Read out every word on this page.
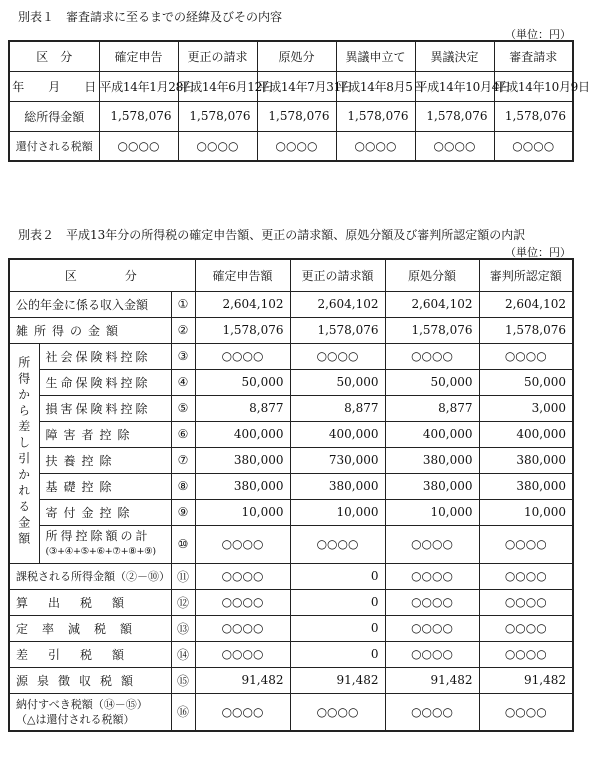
別表１　審査請求に至るまでの経緯及びその内容
（単位：円）
区　分	確定申告	更正の請求	原処分	異議申立て	異議決定	審査請求
年　　月　　日	平成14年1月28日	平成14年6月12日	平成14年7月31日	平成14年8月5日	平成14年10月4日	平成14年10月9日
総所得金額	1,578,076	1,578,076	1,578,076	1,578,076	1,578,076	1,578,076
還付される税額	○○○○	○○○○	○○○○	○○○○	○○○○	○○○○
別表２　平成13年分の所得税の確定申告額、更正の請求額、原処分額及び審判所認定額の内訳
（単位：円）
区　　　分			確定申告額	更正の請求額	原処分額	審判所認定額
公的年金に係る収入金額		①	2,604,102	2,604,102	2,604,102	2,604,102
雑所得の金額		②	1,578,076	1,578,076	1,578,076	1,578,076
所得から差し引かれる金額	社会保険料控除	③	○○○○	○○○○	○○○○	○○○○
	生命保険料控除	④	50,000	50,000	50,000	50,000
	損害保険料控除	⑤	8,877	8,877	8,877	3,000
	障害者控除	⑥	400,000	400,000	400,000	400,000
	扶養控除	⑦	380,000	730,000	380,000	380,000
	基礎控除	⑧	380,000	380,000	380,000	380,000
	寄付金控除	⑨	10,000	10,000	10,000	10,000

	所得控除額の計
(③+④+⑤+⑥+⑦+⑧+⑨)	⑩	○○○○	○○○○	○○○○	○○○○
課税される所得金額（②－⑩）		⑪	○○○○	0	○○○○	○○○○
算出税額		⑫	○○○○	0	○○○○	○○○○
定率減税額		⑬	○○○○	0	○○○○	○○○○
差引税額		⑭	○○○○	0	○○○○	○○○○
源泉徴収税額		⑮	91,482	91,482	91,482	91,482

納付すべき税額（⑭－⑮）
（△は還付される税額）		⑯	○○○○	○○○○	○○○○	○○○○
